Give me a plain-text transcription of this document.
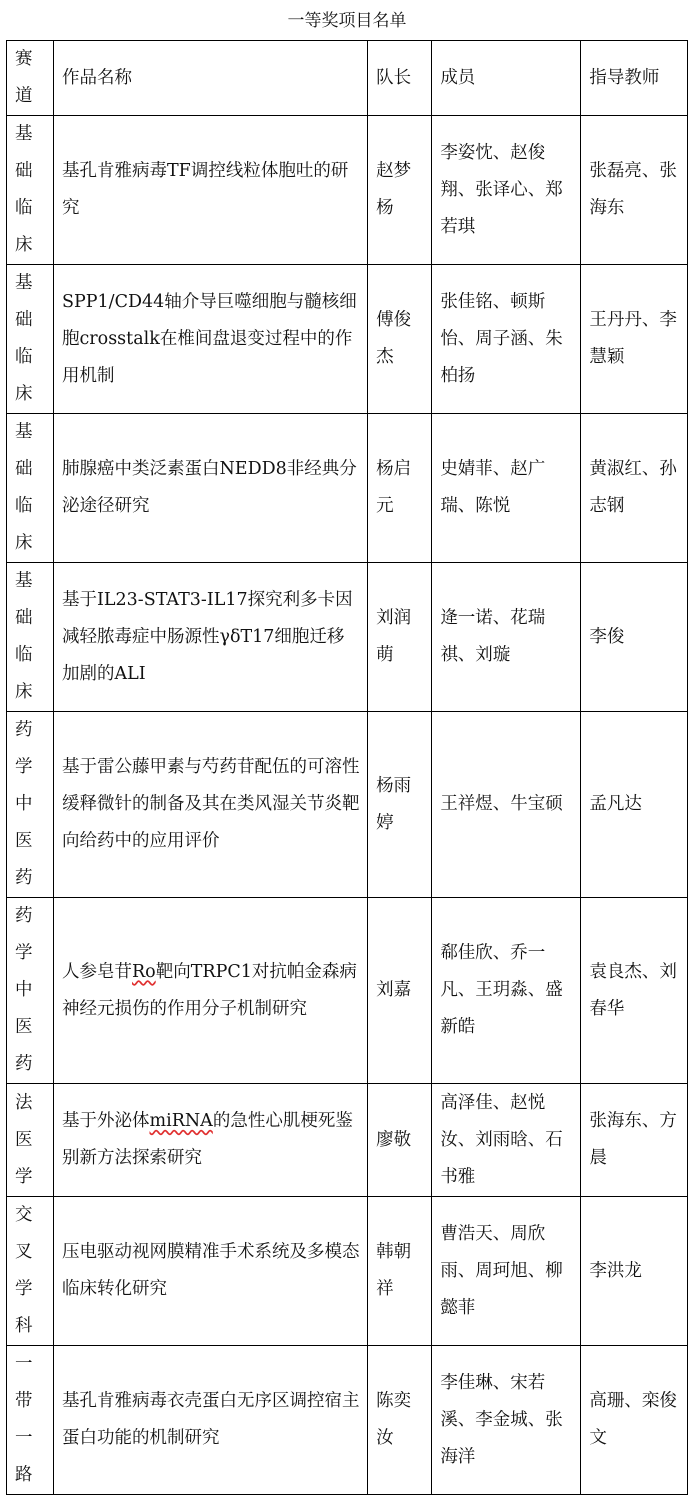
一等奖项目名单
赛道	作品名称	队长	成员	指导教师
基础临床	基孔肯雅病毒TF调控线粒体胞吐的研究	赵梦杨	李姿忱、赵俊翔、张译心、郑若琪	张磊亮、张海东
基础临床	SPP1/CD44轴介导巨噬细胞与髓核细胞crosstalk在椎间盘退变过程中的作用机制	傅俊杰	张佳铭、顿斯怡、周子涵、朱柏扬	王丹丹、李慧颖
基础临床	肺腺癌中类泛素蛋白NEDD8非经典分泌途径研究	杨启元	史婧菲、赵广瑞、陈悦	黄淑红、孙志钢
基础临床	基于IL23-STAT3-IL17探究利多卡因减轻脓毒症中肠源性γδT17细胞迁移加剧的ALI	刘润萌	逄一诺、花瑞祺、刘璇	李俊
药学中医药	基于雷公藤甲素与芍药苷配伍的可溶性缓释微针的制备及其在类风湿关节炎靶向给药中的应用评价	杨雨婷	王祥煜、牛宝硕	孟凡达
药学中医药	人参皂苷Ro靶向TRPC1对抗帕金森病神经元损伤的作用分子机制研究	刘嘉	郗佳欣、乔一凡、王玥淼、盛新皓	袁良杰、刘春华
法医学	基于外泌体miRNA的急性心肌梗死鉴别新方法探索研究	廖敬	高泽佳、赵悦汝、刘雨晗、石书雅	张海东、方晨
交叉学科	压电驱动视网膜精准手术系统及多模态临床转化研究	韩朝祥	曹浩天、周欣雨、周珂旭、柳懿菲	李洪龙
一带一路	基孔肯雅病毒衣壳蛋白无序区调控宿主蛋白功能的机制研究	陈奕汝	李佳琳、宋若溪、李金城、张海洋	高珊、栾俊文
